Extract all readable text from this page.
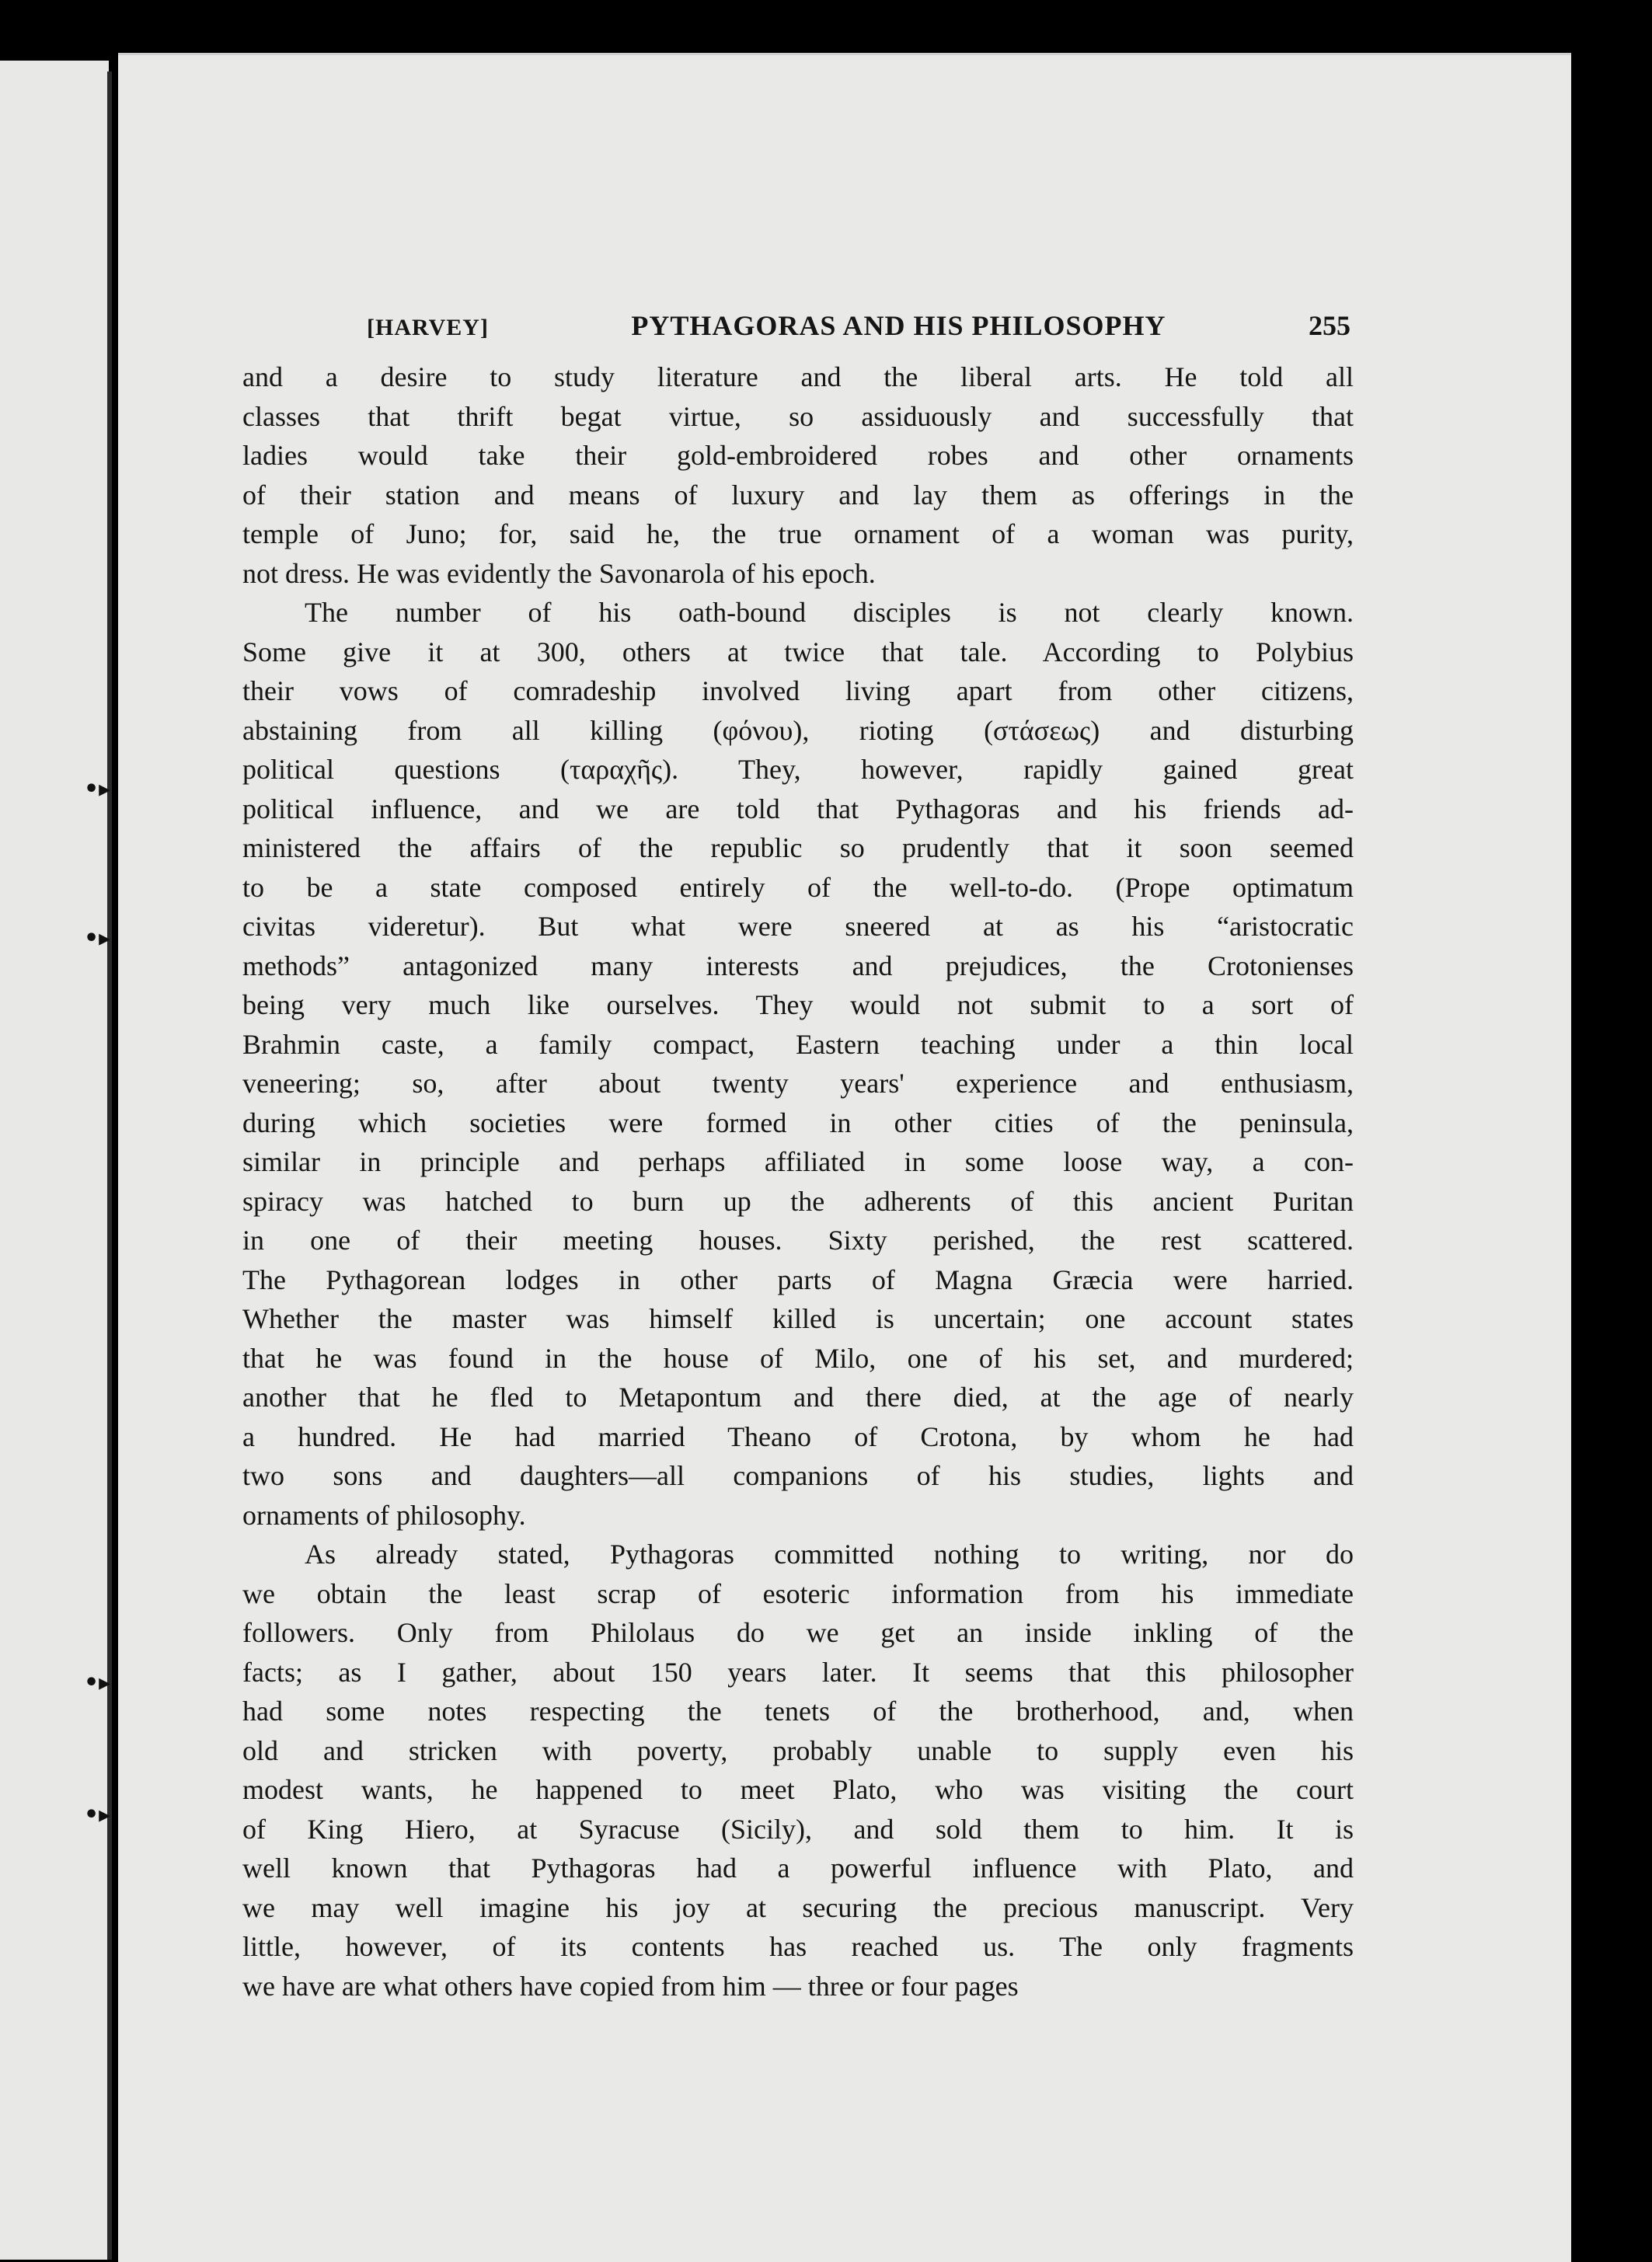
•▸
•▸
•▸
•▸
[HARVEY]	PYTHAGORAS AND HIS PHILOSOPHY	255
and a desire to study literature and the liberal arts. He told all
classes that thrift begat virtue, so assiduously and successfully that
ladies would take their gold-embroidered robes and other ornaments
of their station and means of luxury and lay them as offerings in the
temple of Juno; for, said he, the true ornament of a woman was purity,
not dress. He was evidently the Savonarola of his epoch.
The number of his oath-bound disciples is not clearly known.
Some give it at 300, others at twice that tale. According to Polybius
their vows of comradeship involved living apart from other citizens,
abstaining from all killing (φόνου), rioting (στάσεως) and disturbing
political questions (ταραχῆς). They, however, rapidly gained great
political influence, and we are told that Pythagoras and his friends ad-
ministered the affairs of the republic so prudently that it soon seemed
to be a state composed entirely of the well-to-do. (Prope optimatum
civitas videretur). But what were sneered at as his “aristocratic
methods” antagonized many interests and prejudices, the Crotonienses
being very much like ourselves. They would not submit to a sort of
Brahmin caste, a family compact, Eastern teaching under a thin local
veneering; so, after about twenty years' experience and enthusiasm,
during which societies were formed in other cities of the peninsula,
similar in principle and perhaps affiliated in some loose way, a con-
spiracy was hatched to burn up the adherents of this ancient Puritan
in one of their meeting houses. Sixty perished, the rest scattered.
The Pythagorean lodges in other parts of Magna Græcia were harried.
Whether the master was himself killed is uncertain; one account states
that he was found in the house of Milo, one of his set, and murdered;
another that he fled to Metapontum and there died, at the age of nearly
a hundred. He had married Theano of Crotona, by whom he had
two sons and daughters—all companions of his studies, lights and
ornaments of philosophy.
As already stated, Pythagoras committed nothing to writing, nor do
we obtain the least scrap of esoteric information from his immediate
followers. Only from Philolaus do we get an inside inkling of the
facts; as I gather, about 150 years later. It seems that this philosopher
had some notes respecting the tenets of the brotherhood, and, when
old and stricken with poverty, probably unable to supply even his
modest wants, he happened to meet Plato, who was visiting the court
of King Hiero, at Syracuse (Sicily), and sold them to him. It is
well known that Pythagoras had a powerful influence with Plato, and
we may well imagine his joy at securing the precious manuscript. Very
little, however, of its contents has reached us. The only fragments
we have are what others have copied from him — three or four pages
